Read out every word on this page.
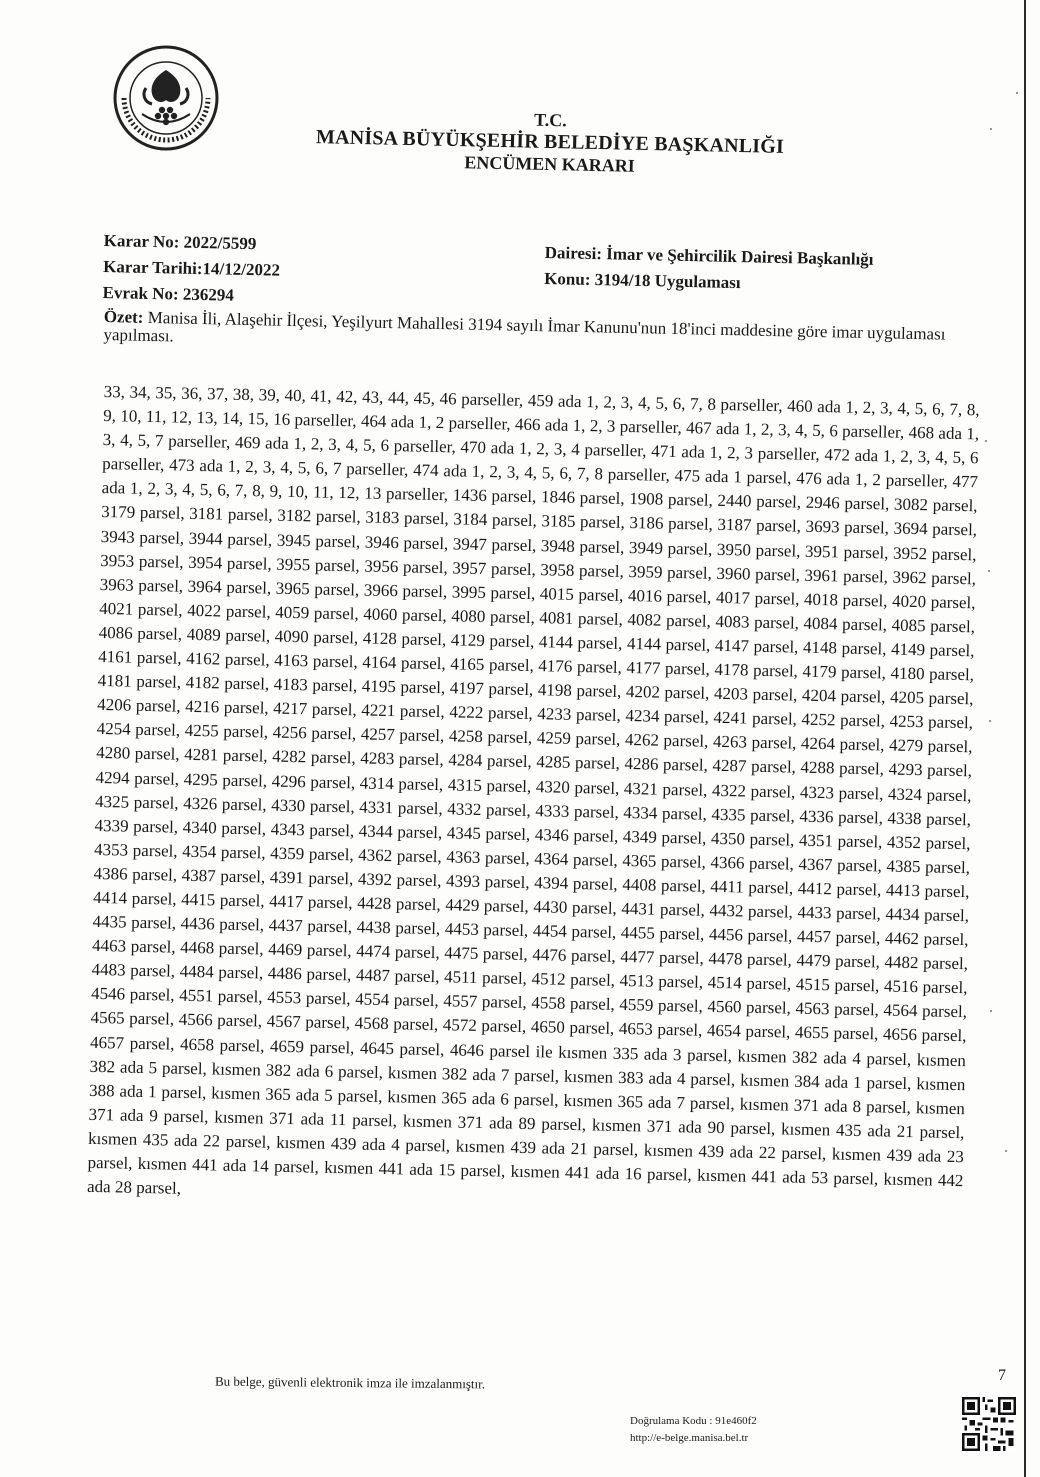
T.C.
MANİSA BÜYÜKŞEHİR BELEDİYE BAŞKANLIĞI
ENCÜMEN KARARI
Karar No: 2022/5599
Karar Tarihi:14/12/2022
Evrak No: 236294
Dairesi: İmar ve Şehircilik Dairesi Başkanlığı
Konu: 3194/18 Uygulaması
Özet: Manisa İli, Alaşehir İlçesi, Yeşilyurt Mahallesi 3194 sayılı İmar Kanunu'nun 18'inci maddesine göre imar uygulaması yapılması.
33, 34, 35, 36, 37, 38, 39, 40, 41, 42, 43, 44, 45, 46 parseller, 459 ada 1, 2, 3, 4, 5, 6, 7, 8 parseller, 460 ada 1, 2, 3, 4, 5, 6, 7, 8, 9, 10, 11, 12, 13, 14, 15, 16 parseller, 464 ada 1, 2 parseller, 466 ada 1, 2, 3 parseller, 467 ada 1, 2, 3, 4, 5, 6 parseller, 468 ada 1, 3, 4, 5, 7 parseller, 469 ada 1, 2, 3, 4, 5, 6 parseller, 470 ada 1, 2, 3, 4 parseller, 471 ada 1, 2, 3 parseller, 472 ada 1, 2, 3, 4, 5, 6 parseller, 473 ada 1, 2, 3, 4, 5, 6, 7 parseller, 474 ada 1, 2, 3, 4, 5, 6, 7, 8 parseller, 475 ada 1 parsel, 476 ada 1, 2 parseller, 477 ada 1, 2, 3, 4, 5, 6, 7, 8, 9, 10, 11, 12, 13 parseller, 1436 parsel, 1846 parsel, 1908 parsel, 2440 parsel, 2946 parsel, 3082 parsel, 3179 parsel, 3181 parsel, 3182 parsel, 3183 parsel, 3184 parsel, 3185 parsel, 3186 parsel, 3187 parsel, 3693 parsel, 3694 parsel, 3943 parsel, 3944 parsel, 3945 parsel, 3946 parsel, 3947 parsel, 3948 parsel, 3949 parsel, 3950 parsel, 3951 parsel, 3952 parsel, 3953 parsel, 3954 parsel, 3955 parsel, 3956 parsel, 3957 parsel, 3958 parsel, 3959 parsel, 3960 parsel, 3961 parsel, 3962 parsel, 3963 parsel, 3964 parsel, 3965 parsel, 3966 parsel, 3995 parsel, 4015 parsel, 4016 parsel, 4017 parsel, 4018 parsel, 4020 parsel, 4021 parsel, 4022 parsel, 4059 parsel, 4060 parsel, 4080 parsel, 4081 parsel, 4082 parsel, 4083 parsel, 4084 parsel, 4085 parsel, 4086 parsel, 4089 parsel, 4090 parsel, 4128 parsel, 4129 parsel, 4144 parsel, 4144 parsel, 4147 parsel, 4148 parsel, 4149 parsel, 4161 parsel, 4162 parsel, 4163 parsel, 4164 parsel, 4165 parsel, 4176 parsel, 4177 parsel, 4178 parsel, 4179 parsel, 4180 parsel, 4181 parsel, 4182 parsel, 4183 parsel, 4195 parsel, 4197 parsel, 4198 parsel, 4202 parsel, 4203 parsel, 4204 parsel, 4205 parsel, 4206 parsel, 4216 parsel, 4217 parsel, 4221 parsel, 4222 parsel, 4233 parsel, 4234 parsel, 4241 parsel, 4252 parsel, 4253 parsel, 4254 parsel, 4255 parsel, 4256 parsel, 4257 parsel, 4258 parsel, 4259 parsel, 4262 parsel, 4263 parsel, 4264 parsel, 4279 parsel, 4280 parsel, 4281 parsel, 4282 parsel, 4283 parsel, 4284 parsel, 4285 parsel, 4286 parsel, 4287 parsel, 4288 parsel, 4293 parsel, 4294 parsel, 4295 parsel, 4296 parsel, 4314 parsel, 4315 parsel, 4320 parsel, 4321 parsel, 4322 parsel, 4323 parsel, 4324 parsel, 4325 parsel, 4326 parsel, 4330 parsel, 4331 parsel, 4332 parsel, 4333 parsel, 4334 parsel, 4335 parsel, 4336 parsel, 4338 parsel, 4339 parsel, 4340 parsel, 4343 parsel, 4344 parsel, 4345 parsel, 4346 parsel, 4349 parsel, 4350 parsel, 4351 parsel, 4352 parsel, 4353 parsel, 4354 parsel, 4359 parsel, 4362 parsel, 4363 parsel, 4364 parsel, 4365 parsel, 4366 parsel, 4367 parsel, 4385 parsel, 4386 parsel, 4387 parsel, 4391 parsel, 4392 parsel, 4393 parsel, 4394 parsel, 4408 parsel, 4411 parsel, 4412 parsel, 4413 parsel, 4414 parsel, 4415 parsel, 4417 parsel, 4428 parsel, 4429 parsel, 4430 parsel, 4431 parsel, 4432 parsel, 4433 parsel, 4434 parsel, 4435 parsel, 4436 parsel, 4437 parsel, 4438 parsel, 4453 parsel, 4454 parsel, 4455 parsel, 4456 parsel, 4457 parsel, 4462 parsel, 4463 parsel, 4468 parsel, 4469 parsel, 4474 parsel, 4475 parsel, 4476 parsel, 4477 parsel, 4478 parsel, 4479 parsel, 4482 parsel, 4483 parsel, 4484 parsel, 4486 parsel, 4487 parsel, 4511 parsel, 4512 parsel, 4513 parsel, 4514 parsel, 4515 parsel, 4516 parsel, 4546 parsel, 4551 parsel, 4553 parsel, 4554 parsel, 4557 parsel, 4558 parsel, 4559 parsel, 4560 parsel, 4563 parsel, 4564 parsel, 4565 parsel, 4566 parsel, 4567 parsel, 4568 parsel, 4572 parsel, 4650 parsel, 4653 parsel, 4654 parsel, 4655 parsel, 4656 parsel, 4657 parsel, 4658 parsel, 4659 parsel, 4645 parsel, 4646 parsel ile kısmen 335 ada 3 parsel, kısmen 382 ada 4 parsel, kısmen 382 ada 5 parsel, kısmen 382 ada 6 parsel, kısmen 382 ada 7 parsel, kısmen 383 ada 4 parsel, kısmen 384 ada 1 parsel, kısmen 388 ada 1 parsel, kısmen 365 ada 5 parsel, kısmen 365 ada 6 parsel, kısmen 365 ada 7 parsel, kısmen 371 ada 8 parsel, kısmen 371 ada 9 parsel, kısmen 371 ada 11 parsel, kısmen 371 ada 89 parsel, kısmen 371 ada 90 parsel, kısmen 435 ada 21 parsel, kısmen 435 ada 22 parsel, kısmen 439 ada 4 parsel, kısmen 439 ada 21 parsel, kısmen 439 ada 22 parsel, kısmen 439 ada 23 parsel, kısmen 441 ada 14 parsel, kısmen 441 ada 15 parsel, kısmen 441 ada 16 parsel, kısmen 441 ada 53 parsel, kısmen 442 ada 28 parsel,
7
Bu belge, güvenli elektronik imza ile imzalanmıştır.
Doğrulama Kodu : 91e460f2
http://e-belge.manisa.bel.tr
